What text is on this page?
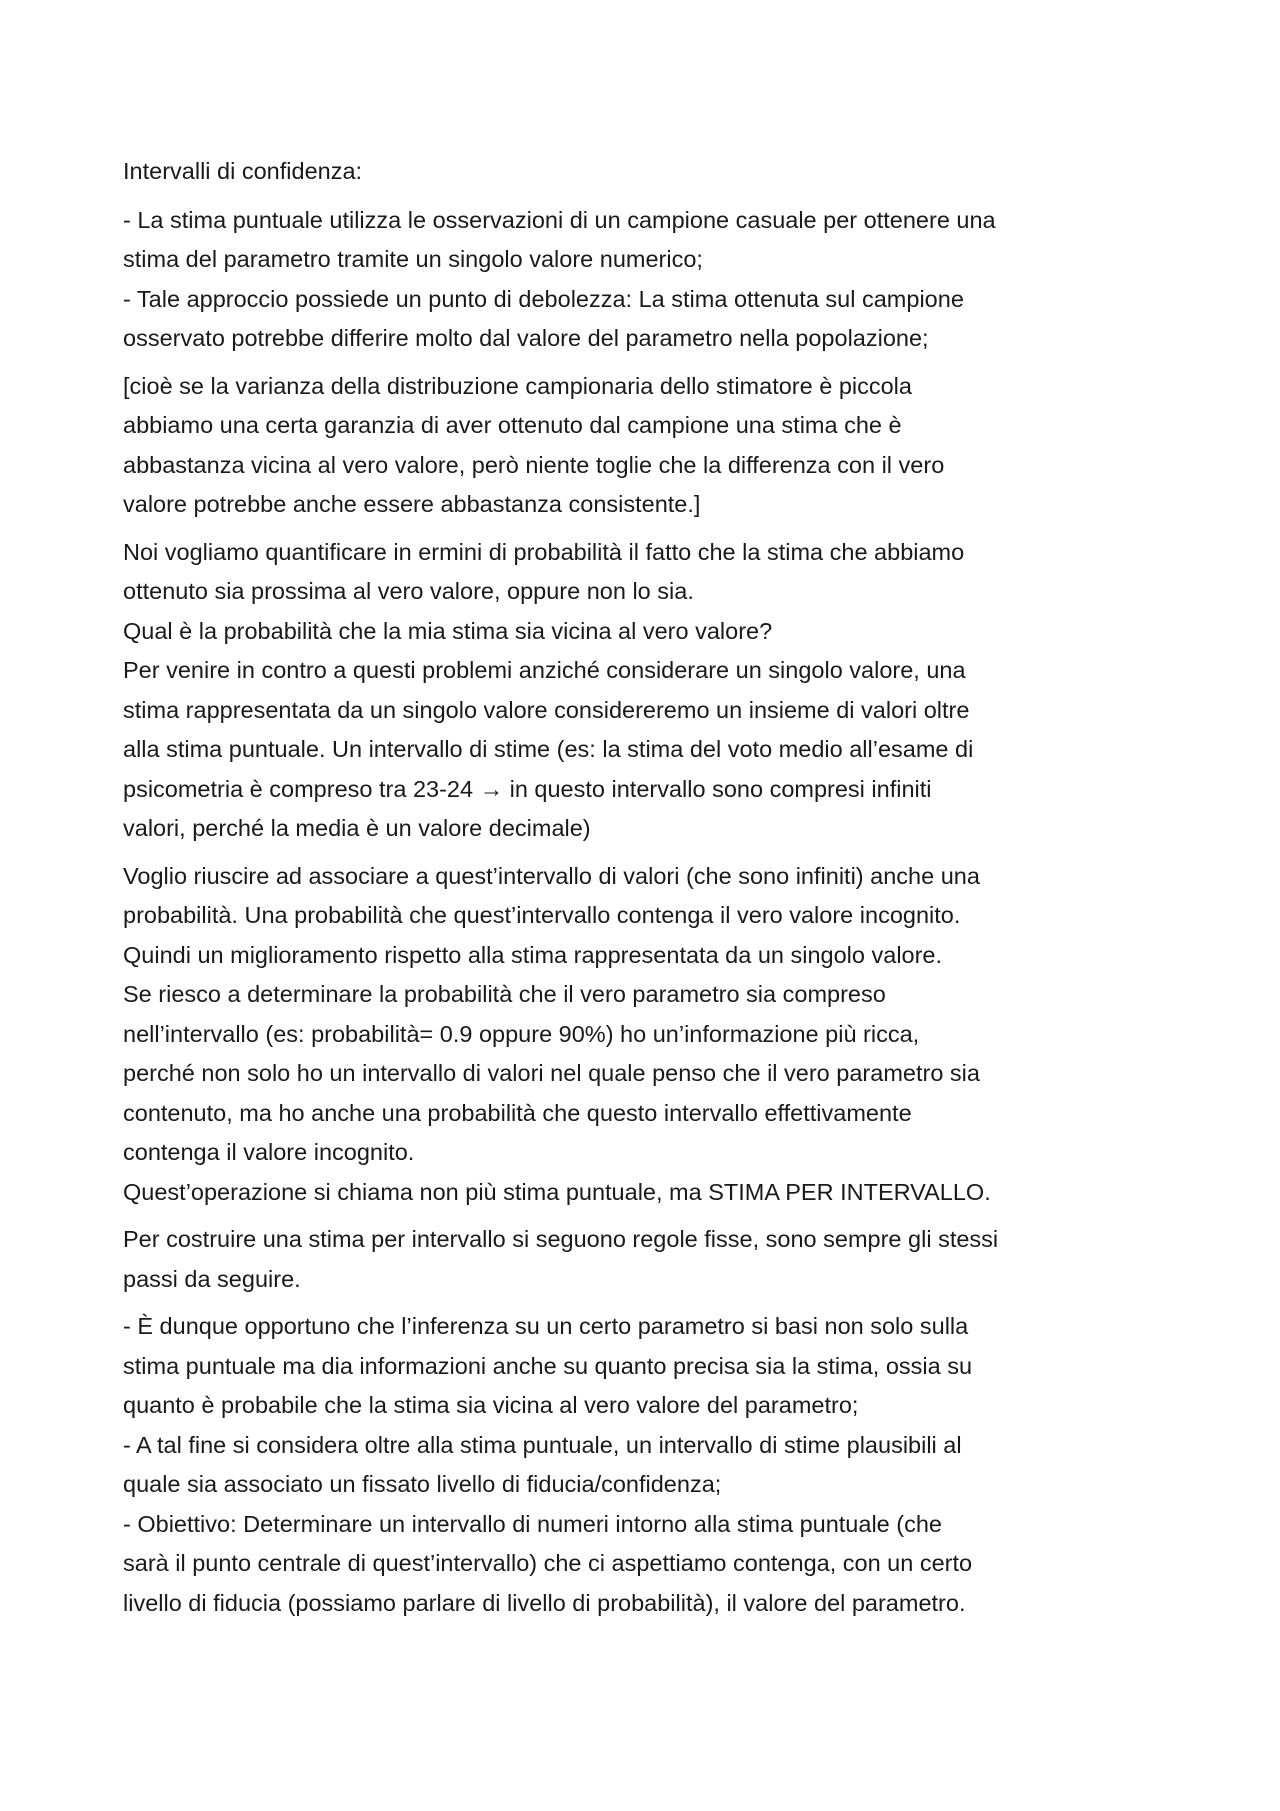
Intervalli di confidenza:
- La stima puntuale utilizza le osservazioni di un campione casuale per ottenere una
stima del parametro tramite un singolo valore numerico;
- Tale approccio possiede un punto di debolezza: La stima ottenuta sul campione
osservato potrebbe differire molto dal valore del parametro nella popolazione;
[cioè se la varianza della distribuzione campionaria dello stimatore è piccola
abbiamo una certa garanzia di aver ottenuto dal campione una stima che è
abbastanza vicina al vero valore, però niente toglie che la differenza con il vero
valore potrebbe anche essere abbastanza consistente.]
Noi vogliamo quantificare in ermini di probabilità il fatto che la stima che abbiamo
ottenuto sia prossima al vero valore, oppure non lo sia.
Qual è la probabilità che la mia stima sia vicina al vero valore?
Per venire in contro a questi problemi anziché considerare un singolo valore, una
stima rappresentata da un singolo valore considereremo un insieme di valori oltre
alla stima puntuale. Un intervallo di stime (es: la stima del voto medio all’esame di
psicometria è compreso tra 23-24 → in questo intervallo sono compresi infiniti
valori, perché la media è un valore decimale)
Voglio riuscire ad associare a quest’intervallo di valori (che sono infiniti) anche una
probabilità. Una probabilità che quest’intervallo contenga il vero valore incognito.
Quindi un miglioramento rispetto alla stima rappresentata da un singolo valore.
Se riesco a determinare la probabilità che il vero parametro sia compreso
nell’intervallo (es: probabilità= 0.9 oppure 90%) ho un’informazione più ricca,
perché non solo ho un intervallo di valori nel quale penso che il vero parametro sia
contenuto, ma ho anche una probabilità che questo intervallo effettivamente
contenga il valore incognito.
Quest’operazione si chiama non più stima puntuale, ma STIMA PER INTERVALLO.
Per costruire una stima per intervallo si seguono regole fisse, sono sempre gli stessi
passi da seguire.
- È dunque opportuno che l’inferenza su un certo parametro si basi non solo sulla
stima puntuale ma dia informazioni anche su quanto precisa sia la stima, ossia su
quanto è probabile che la stima sia vicina al vero valore del parametro;
- A tal fine si considera oltre alla stima puntuale, un intervallo di stime plausibili al
quale sia associato un fissato livello di fiducia/confidenza;
- Obiettivo: Determinare un intervallo di numeri intorno alla stima puntuale (che
sarà il punto centrale di quest’intervallo) che ci aspettiamo contenga, con un certo
livello di fiducia (possiamo parlare di livello di probabilità), il valore del parametro.
